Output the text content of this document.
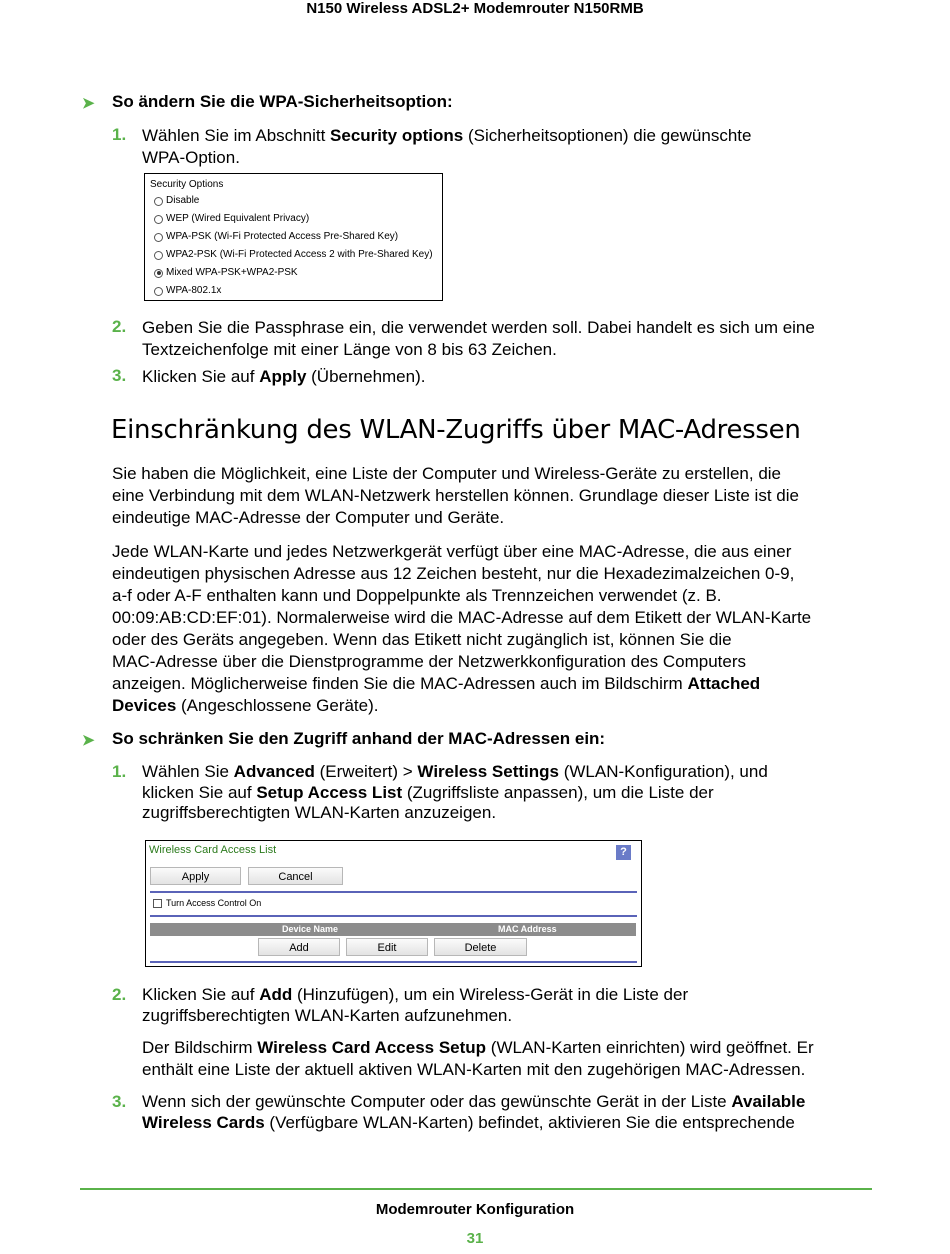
N150 Wireless ADSL2+ Modemrouter N150RMB
➤ So ändern Sie die WPA-Sicherheitsoption:
1. Wählen Sie im Abschnitt Security options (Sicherheitsoptionen) die gewünschte
WPA-Option.
Security Options
Disable
WEP (Wired Equivalent Privacy)
WPA-PSK (Wi-Fi Protected Access Pre-Shared Key)
WPA2-PSK (Wi-Fi Protected Access 2 with Pre-Shared Key)
Mixed WPA-PSK+WPA2-PSK
WPA-802.1x
2. Geben Sie die Passphrase ein, die verwendet werden soll. Dabei handelt es sich um eine
Textzeichenfolge mit einer Länge von 8 bis 63 Zeichen.
3. Klicken Sie auf Apply (Übernehmen).
Einschränkung des WLAN-Zugriffs über MAC-Adressen
Sie haben die Möglichkeit, eine Liste der Computer und Wireless-Geräte zu erstellen, die
eine Verbindung mit dem WLAN-Netzwerk herstellen können. Grundlage dieser Liste ist die
eindeutige MAC-Adresse der Computer und Geräte.
Jede WLAN-Karte und jedes Netzwerkgerät verfügt über eine MAC-Adresse, die aus einer
eindeutigen physischen Adresse aus 12 Zeichen besteht, nur die Hexadezimalzeichen 0-9,
a-f oder A-F enthalten kann und Doppelpunkte als Trennzeichen verwendet (z. B.
00:09:AB:CD:EF:01). Normalerweise wird die MAC-Adresse auf dem Etikett der WLAN-Karte
oder des Geräts angegeben. Wenn das Etikett nicht zugänglich ist, können Sie die
MAC-Adresse über die Dienstprogramme der Netzwerkkonfiguration des Computers
anzeigen. Möglicherweise finden Sie die MAC-Adressen auch im Bildschirm Attached
Devices (Angeschlossene Geräte).
➤ So schränken Sie den Zugriff anhand der MAC-Adressen ein:
1. Wählen Sie Advanced (Erweitert) > Wireless Settings (WLAN-Konfiguration), und
klicken Sie auf Setup Access List (Zugriffsliste anpassen), um die Liste der
zugriffsberechtigten WLAN-Karten anzuzeigen.
Wireless Card Access List	?
Apply	Cancel
Turn Access Control On
Device Name	MAC Address
Add	Edit	Delete
2. Klicken Sie auf Add (Hinzufügen), um ein Wireless-Gerät in die Liste der
zugriffsberechtigten WLAN-Karten aufzunehmen.
Der Bildschirm Wireless Card Access Setup (WLAN-Karten einrichten) wird geöffnet. Er
enthält eine Liste der aktuell aktiven WLAN-Karten mit den zugehörigen MAC-Adressen.
3. Wenn sich der gewünschte Computer oder das gewünschte Gerät in der Liste Available
Wireless Cards (Verfügbare WLAN-Karten) befindet, aktivieren Sie die entsprechende
Modemrouter Konfiguration
31
